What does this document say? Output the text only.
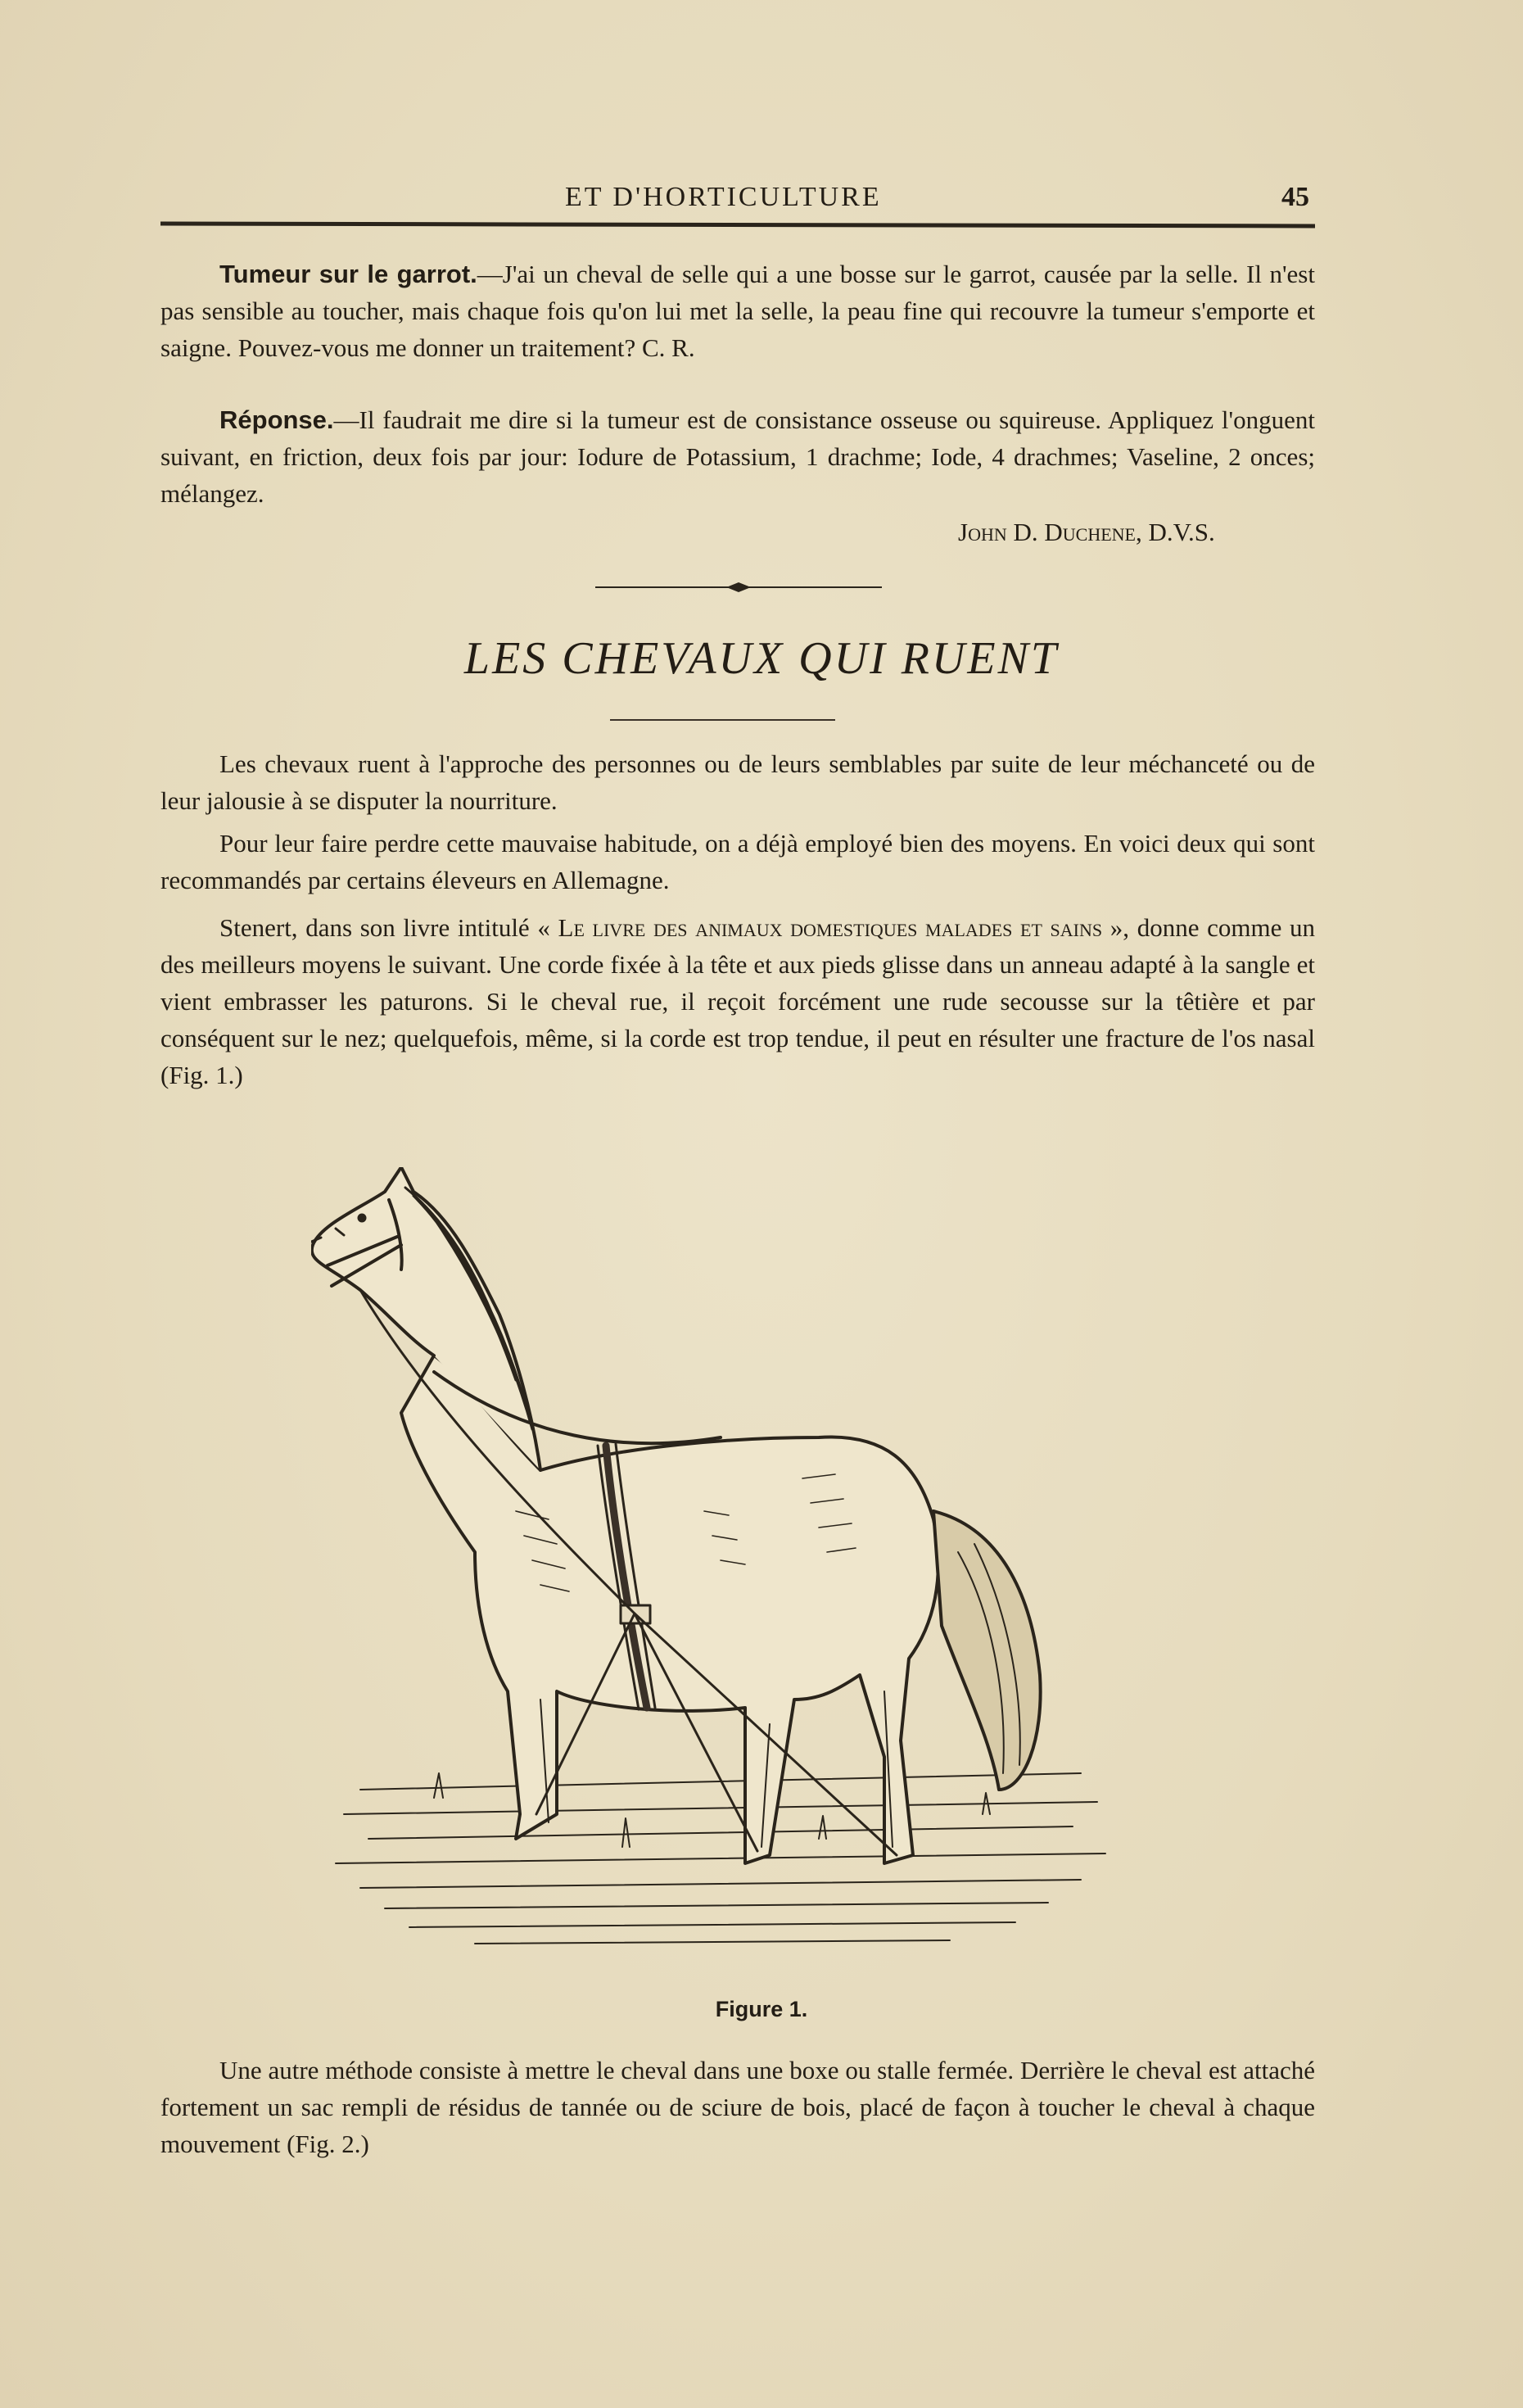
ET D'HORTICULTURE	45

Tumeur sur le garrot.—J'ai un cheval de selle qui a une bosse sur le garrot, causée par la selle. Il n'est pas sensible au toucher, mais chaque fois qu'on lui met la selle, la peau fine qui recouvre la tumeur s'emporte et saigne. Pouvez-vous me donner un traitement? C. R.

Réponse.—Il faudrait me dire si la tumeur est de consistance osseuse ou squireuse. Appliquez l'onguent suivant, en friction, deux fois par jour: Iodure de Potassium, 1 drachme; Iode, 4 drachmes; Vaseline, 2 onces; mélangez.

John D. Duchene, D.V.S.
LES CHEVAUX QUI RUENT

Les chevaux ruent à l'approche des personnes ou de leurs semblables par suite de leur méchanceté ou de leur jalousie à se disputer la nourriture.

Pour leur faire perdre cette mauvaise habitude, on a déjà employé bien des moyens. En voici deux qui sont recommandés par certains éleveurs en Allemagne.

Stenert, dans son livre intitulé « Le livre des animaux domestiques malades et sains », donne comme un des meilleurs moyens le suivant. Une corde fixée à la tête et aux pieds glisse dans un anneau adapté à la sangle et vient embrasser les paturons. Si le cheval rue, il reçoit forcément une rude secousse sur la têtière et par conséquent sur le nez; quelquefois, même, si la corde est trop tendue, il peut en résulter une fracture de l'os nasal (Fig. 1.)

Figure 1.

Une autre méthode consiste à mettre le cheval dans une boxe ou stalle fermée. Derrière le cheval est attaché fortement un sac rempli de résidus de tannée ou de sciure de bois, placé de façon à toucher le cheval à chaque mouvement (Fig. 2.)
